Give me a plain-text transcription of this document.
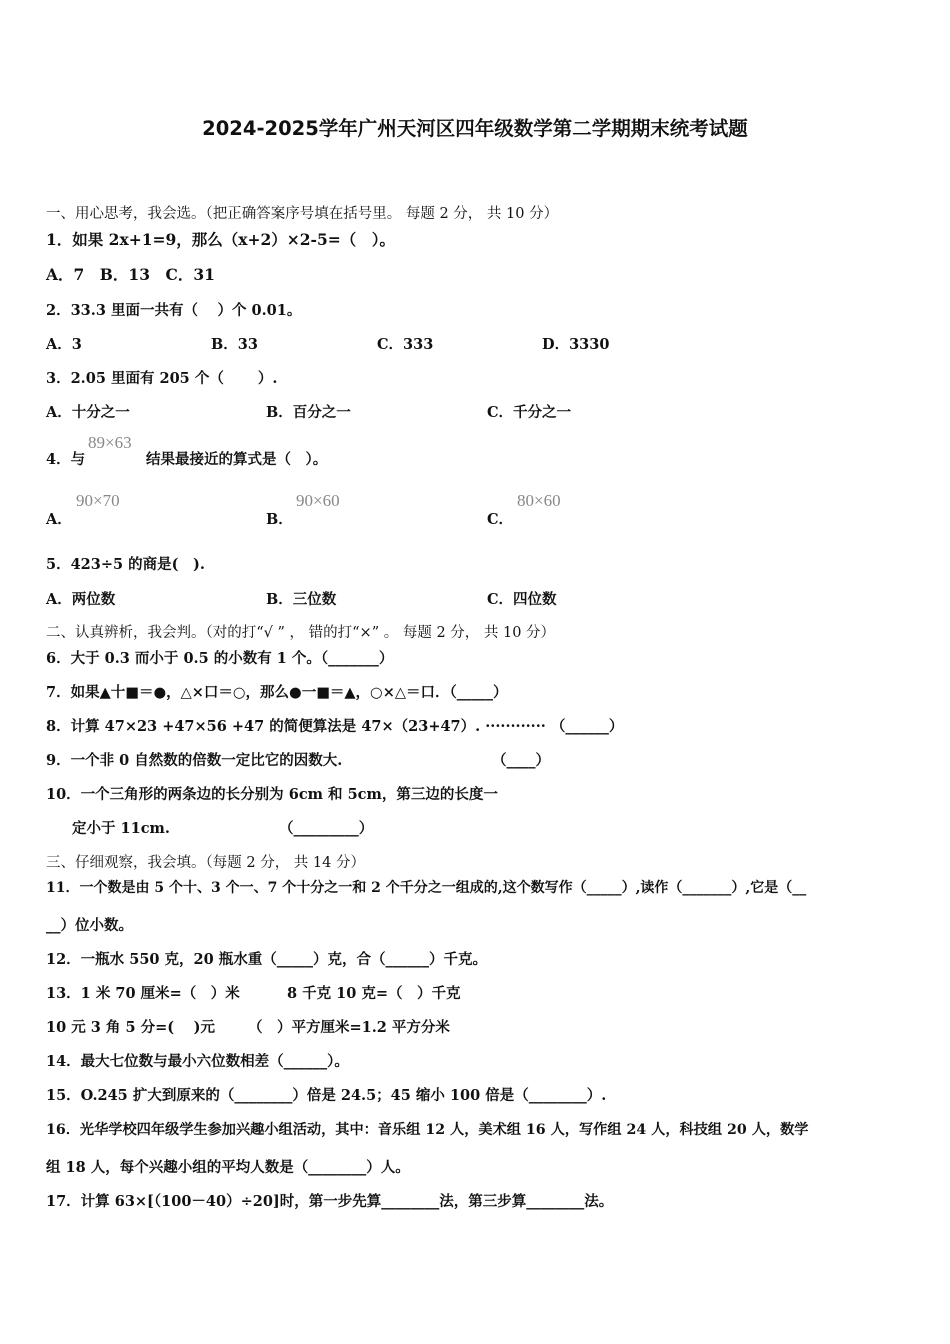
2024-2025学年广州天河区四年级数学第二学期期末统考试题
一、用心思考，我会选。（把正确答案序号填在括号里。 每题 2 分， 共 10 分）
1．如果 2x+1=9，那么（x+2）×2-5=（　）。
A．7　B．13　C．31
2．33.3 里面一共有（　 ）个 0.01。
A．3	B．33	C．333	D．3330
3．2.05 里面有 205 个（　　 ）.
A．十分之一	B．百分之一	C．千分之一
4．与
89×63
结果最接近的算式是（　）。
A．
90×70
B．
90×60
C．
80×60
5．423÷5 的商是(　).
A．两位数	B．三位数	C．四位数
二、认真辨析，我会判。（对的打“√ ” ， 错的打“×” 。 每题 2 分， 共 10 分）
6．大于 0.3 而小于 0.5 的小数有 1 个。（_______）
7．如果▲十■＝●，△×口＝○，那么●一■＝▲，○×△＝口．（_____）
8．计算 47×23 +47×56 +47 的简便算法是 47×（23+47）. ············ （______）
9．一个非 0 自然数的倍数一定比它的因数大.	（____）
10．一个三角形的两条边的长分别为 6cm 和 5cm，第三边的长度一
定小于 11cm.	（_________）
三、仔细观察，我会填。（每题 2 分， 共 14 分）
11．一个数是由 5 个十、3 个一、7 个十分之一和 2 个千分之一组成的,这个数写作（_____）,读作（_______）,它是（__
__）位小数。
12．一瓶水 550 克，20 瓶水重（_____）克，合（______）千克。
13．1 米 70 厘米=（　）米	8 千克 10 克=（　）千克
10 元 3 角 5 分=(　 )元 （　）平方厘米=1.2 平方分米
14．最大七位数与最小六位数相差（______）。
15．O.245 扩大到原来的（________）倍是 24.5；45 缩小 100 倍是（________）.
16．光华学校四年级学生参加兴趣小组活动，其中：音乐组 12 人，美术组 16 人，写作组 24 人，科技组 20 人，数学
组 18 人，每个兴趣小组的平均人数是（________）人。
17．计算 63×[（100－40）÷20]时，第一步先算________法，第三步算________法。
